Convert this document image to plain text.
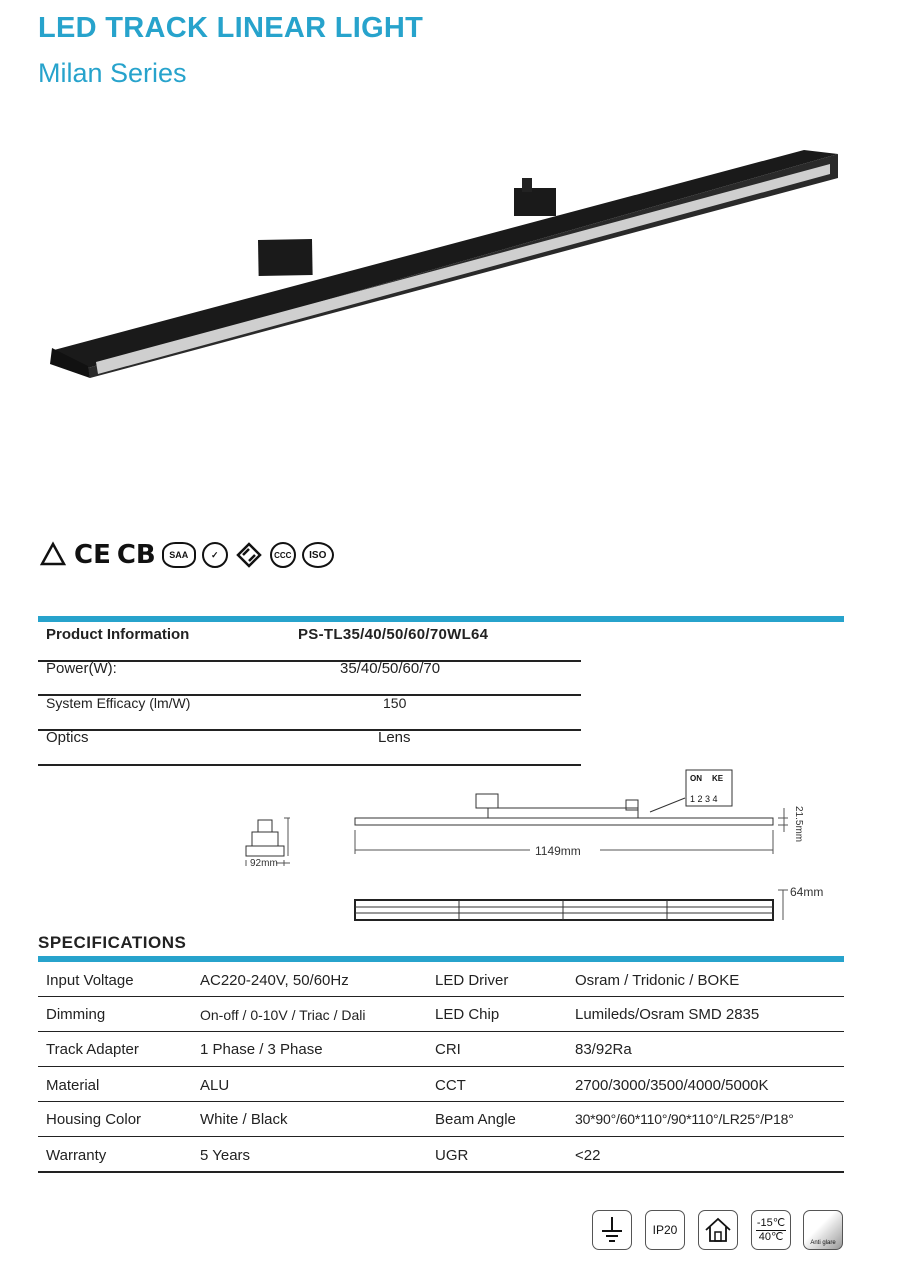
LED TRACK LINEAR LIGHT
Milan Series
CE CB	SAA	✓	CCC	ISO
Product Information	PS-TL35/40/50/60/70WL64
Power(W):	35/40/50/60/70
System Efficacy (lm/W)	150
Optics	Lens
92mm
ON KE
1 2 3 4
1149mm
21.5mm
64mm
SPECIFICATIONS
Input Voltage	AC220-240V, 50/60Hz	LED Driver	Osram / Tridonic / BOKE
Dimming	On-off / 0-10V / Triac / Dali	LED Chip	Lumileds/Osram SMD 2835
Track Adapter	1 Phase / 3 Phase	CRI	83/92Ra
Material	ALU	CCT	2700/3000/3500/4000/5000K
Housing Color	White / Black	Beam Angle	30*90°/60*110°/90*110°/LR25°/P18°
Warranty	5 Years	UGR	<22
IP20
-15℃
40℃
Anti glare
